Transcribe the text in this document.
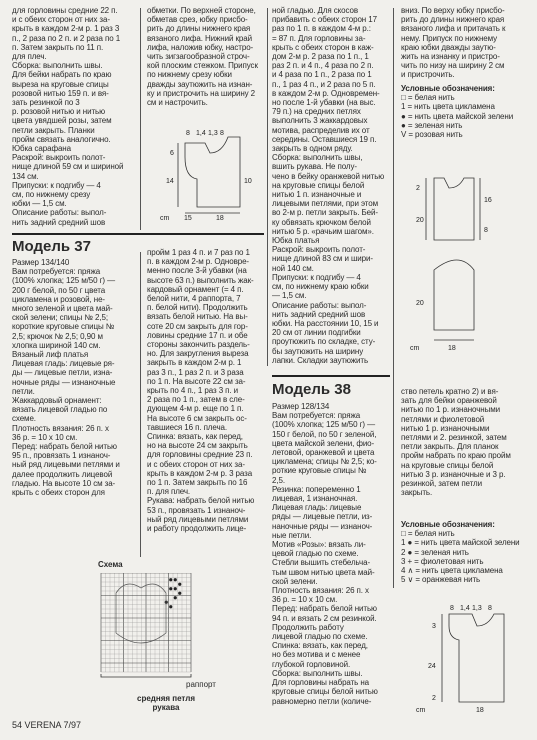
для горловины средние 22 п.

и с обеих сторон от них за-

крыть в каждом 2-м р. 1 раз 3

п., 2 раза по 2 п. и 2 раза по 1

п. Затем закрыть по 11 п.

для плеч.

Сборка: выполнить швы.

Для бейки набрать по краю

выреза на круговые спицы

розовой нитью 159 п. и вя-

зать резинкой по 3

р. розовой нитью и нитью

цвета увядшей розы, затем

петли закрыть. Планки

пройм связать аналогично.

Юбка сарафана

Раскрой: выкроить полот-

нище длиной 59 см и шириной

134 см.

Припуски: к подгибу — 4

см, по нижнему срезу

юбки — 1,5 см.

Описание работы: выпол-

нить задний средний шов

обметки. По верхней стороне,

обметав срез, юбку присбо-

рить до длины нижнего края

вязаного лифа. Нижний край

лифа, наложив юбку, настро-

чить зигзагообразной строч-

кой плоским стежком. Припуск

по нижнему срезу юбки

дважды заутюжить на изнан-

ку и пристрочить на ширину 2

см и настрочить.

ной гладью. Для скосов

прибавить с обеих сторон 17

раз по 1 п. в каждом 4-м р.:

= 87 п. Для горловины за-

крыть с обеих сторон в каж-

дом 2-м р. 2 раза по 1 п., 1

раз 2 п. и 4 п., 4 раза по 2 п.

и 4 раза по 1 п., 2 раза по 1

п., 1 раз 4 п., и 2 раза по 5 п.

в каждом 2-м р. Одновремен-

но после 1-й убавки (на выс.

79 п.) на средних петлях

выполнить 3 жаккардовых

мотива, распределив их от

середины. Оставшиеся 19 п.

закрыть в одном ряду.

Сборка: выполнить швы,

вшить рукава. Не полу-

чено в бейку оранжевой нитью

на круговые спицы белой

нитью 1 п. изнаночные и

лицевыми петлями, при этом

во 2-м р. петли закрыть. Бей-

ку обвязать крючком белой

нитью 5 р. «рачьим шагом».

Юбка платья

Раскрой: выкроить полот-

нище длиной 83 см и шири-

ной 140 см.

Припуски: к подгибу — 4

см, по нижнему краю юбки

— 1,5 см.

Описание работы: выпол-

нить задний средний шов

юбки. На расстоянии 10, 15 и

20 см от линии подгибки

проутюжить по складке, сту-

бы заутюжить на ширину

лапки. Складки заутюжить

вниз. По верху юбку присбо-

рить до длины нижнего края

вязаного лифа и притачать к

нему. Припуск по нижнему

краю юбки дважды заутю-

жить на изнанку и пристро-

чить по низу на ширину 2 см

и пристрочить.

Условные обозначения:
□ = белая нить
1 = нить цвета цикламена
● = нить цвета майской зелени
● = зеленая нить
V = розовая нить
Модель 37

Размер 134/140

Вам потребуется: пряжа

(100% хлопка; 125 м/50 г) —

200 г белой, по 50 г цвета

цикламена и розовой, не-

много зеленой и цвета май-

ской зелени; спицы № 2,5;

короткие круговые спицы №

2,5; крючок № 2,5; 0,90 м

хлопка шириной 140 см.

Вязаный лиф платья

Лицевая гладь: лицевые ря-

ды — лицевые петли, изна-

ночные ряды — изнаночные

петли.

Жаккардовый орнамент:

вязать лицевой гладью по

схеме.

Плотность вязания: 26 п. x

36 р. = 10 x 10 см.

Перед: набрать белой нитью

95 п., провязать 1 изнаноч-

ный ряд лицевыми петлями и

далее продолжить лицевой

гладью. На высоте 10 см за-

крыть с обеих сторон для

пройм 1 раз 4 п. и 7 раз по 1

п. в каждом 2-м р. Одновре-

менно после 3-й убавки (на

высоте 63 п.) выполнить жак-

кардовый орнамент (= 4 п.

белой нити, 4 раппорта, 7

п. белой нити). Продолжить

вязать белой нитью. На вы-

соте 20 см закрыть для гор-

ловины средние 17 п. и обе

стороны закончить раздель-

но. Для закругления выреза

закрыть в каждом 2-м р. 1

раз 3 п., 1 раз 2 п. и 3 раза

по 1 п. На высоте 22 см за-

крыть по 4 п., 1 раз 3 п. и

2 раза по 1 п., затем в сле-

дующем 4-м р. еще по 1 п.

На высоте 6 см закрыть ос-

тавшиеся 16 п. плеча.

Спинка: вязать, как перед,

но на высоте 24 см закрыть

для горловины средние 23 п.

и с обеих сторон от них за-

крыть в каждом 2-м р. 3 раза

по 1 п. Затем закрыть по 16

п. для плеч.

Рукава: набрать белой нитью

53 п., провязать 1 изнаноч-

ный ряд лицевыми петлями

и работу продолжить лице-

Модель 38

Размер 128/134

Вам потребуется: пряжа

(100% хлопка; 125 м/50 г) —

150 г белой, по 50 г зеленой,

цвета майской зелени, фио-

летовой, оранжевой и цвета

цикламена; спицы № 2,5; ко-

роткие круговые спицы №

2,5.

Резинка: попеременно 1

лицевая, 1 изнаночная.

Лицевая гладь: лицевые

ряды — лицевые петли, из-

наночные ряды — изнаноч-

ные петли.

Мотив «Розы»: вязать ли-

цевой гладью по схеме.

Стебли вышить стебельча-

тым швом нитью цвета май-

ской зелени.

Плотность вязания: 26 п. x

36 р. = 10 x 10 см.

Перед: набрать белой нитью

94 п. и вязать 2 см резинкой.

Продолжить работу

лицевой гладью по схеме.

Спинка: вязать, как перед,

но без мотива и с менее

глубокой горловиной.

Сборка: выполнить швы.

Для горловины набрать на

круговые спицы белой нитью

равномерно петли (количе-

ство петель кратно 2) и вя-

зать для бейки оранжевой

нитью по 1 р. изнаночными

петлями и фиолетовой

нитью 1 р. изнаночными

петлями и 2. резинкой, затем

петли закрыть. Для планок

пройм набрать по краю пройм

на круговые спицы белой

нитью 3 р. изнаночные и 3 р.

резинкой, затем петли

закрыть.

Условные обозначения:
□ = белая нить
1 ● = нить цвета майской зелени
2 ● = зеленая нить
3 + = фиолетовая нить
4 ∧ = нить цвета цикламена
5 ∨ = оранжевая нить
8 1,4 1,3 8
6
14	10
cm 15	18
2
20
16
8
20
cm	18
8 1,4 1,3 8
3
24
2
cm	18
Схема
раппорт
средняя петля рукава
54 VERENA 7/97
